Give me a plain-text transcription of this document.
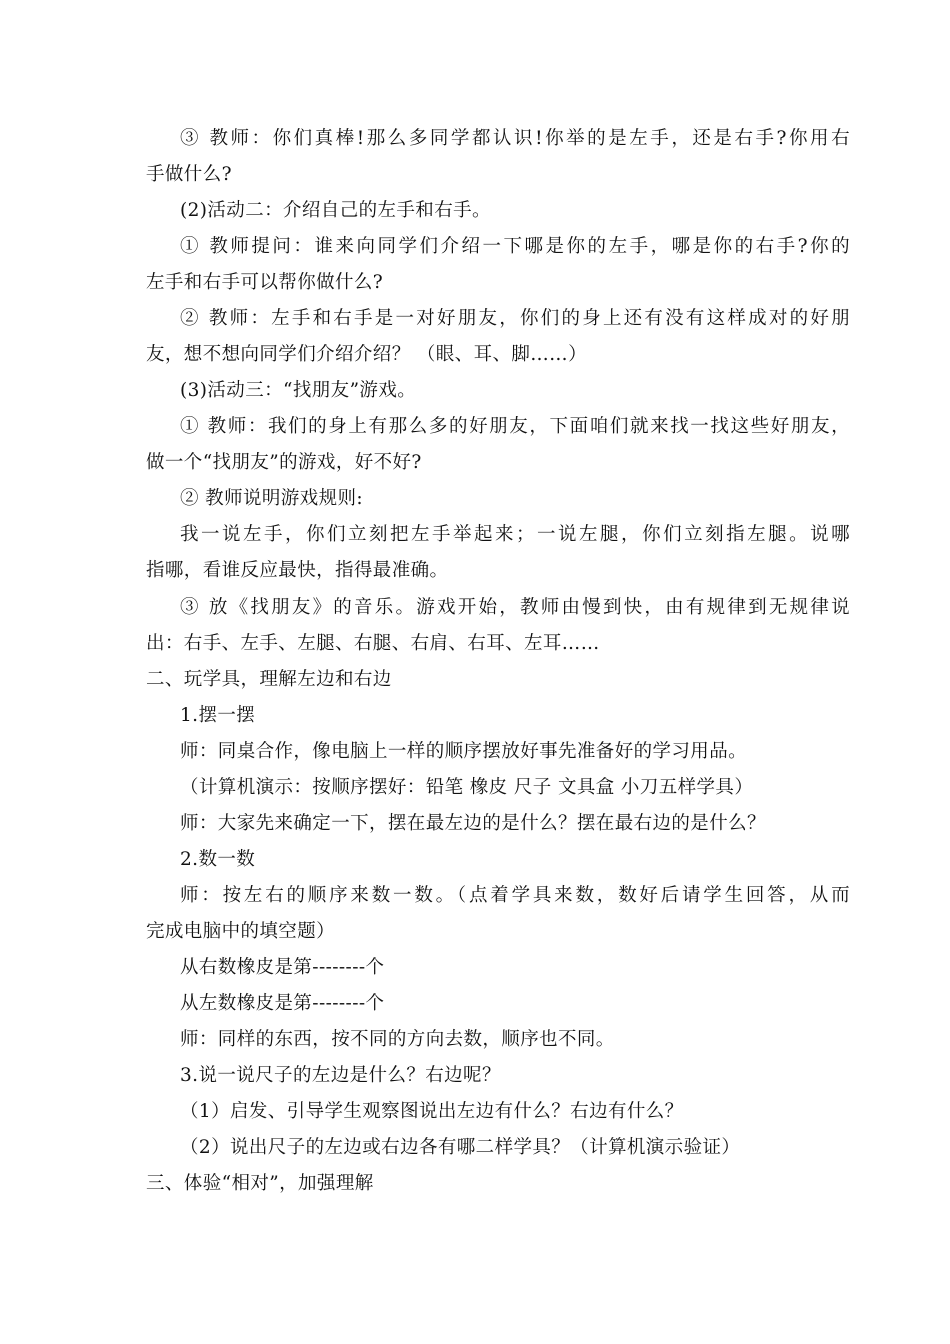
③ 教师：你们真棒!那么多同学都认识!你举的是左手，还是右手?你用右
手做什么?
(2)活动二：介绍自己的左手和右手。
① 教师提问：谁来向同学们介绍一下哪是你的左手，哪是你的右手?你的
左手和右手可以帮你做什么?
② 教师：左手和右手是一对好朋友，你们的身上还有没有这样成对的好朋
友，想不想向同学们介绍介绍？ （眼、耳、脚……）
(3)活动三：“找朋友”游戏。
① 教师：我们的身上有那么多的好朋友，下面咱们就来找一找这些好朋友，
做一个“找朋友”的游戏，好不好?
② 教师说明游戏规则:
我一说左手，你们立刻把左手举起来；一说左腿，你们立刻指左腿。说哪
指哪，看谁反应最快，指得最准确。
③ 放《找朋友》的音乐。游戏开始，教师由慢到快，由有规律到无规律说
出：右手、左手、左腿、右腿、右肩、右耳、左耳……
二、玩学具，理解左边和右边
1.摆一摆
师：同桌合作，像电脑上一样的顺序摆放好事先准备好的学习用品。
（计算机演示：按顺序摆好：铅笔 橡皮 尺子 文具盒 小刀五样学具）
师：大家先来确定一下，摆在最左边的是什么？摆在最右边的是什么？
2.数一数
师：按左右的顺序来数一数。（点着学具来数，数好后请学生回答，从而
完成电脑中的填空题）
从右数橡皮是第--------个
从左数橡皮是第--------个
师：同样的东西，按不同的方向去数，顺序也不同。
3.说一说尺子的左边是什么？右边呢？
（1）启发、引导学生观察图说出左边有什么？右边有什么？
（2）说出尺子的左边或右边各有哪二样学具？（计算机演示验证）
三、体验“相对”，加强理解
